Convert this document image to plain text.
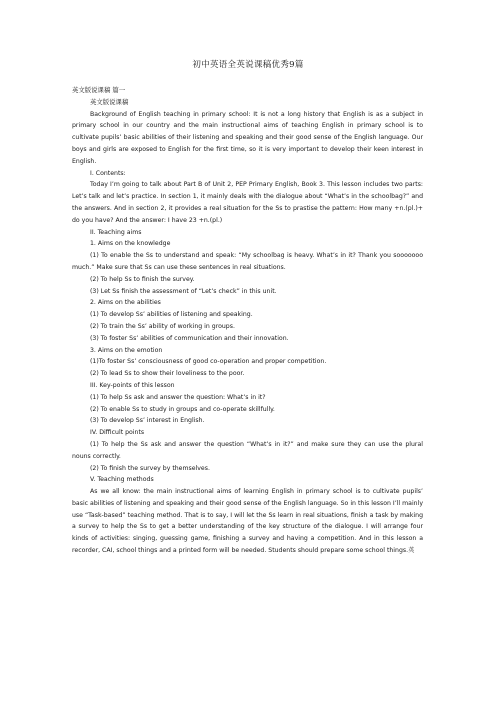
初中英语全英说课稿优秀9篇

英文版说课稿 篇一

英文版说课稿

Background of English teaching in primary school: It is not a long history that English is as a subject in primary school in our country and the main instructional aims of teaching English in primary school is to cultivate pupils’ basic abilities of their listening and speaking and their good sense of the English language. Our boys and girls are exposed to English for the first time, so it is very important to develop their keen interest in English.

I. Contents:

Today I’m going to talk about Part B of Unit 2, PEP Primary English, Book 3. This lesson includes two parts: Let’s talk and let’s practice. In section 1, it mainly deals with the dialogue about “What’s in the schoolbag?” and the answers. And in section 2, it provides a real situation for the Ss to prastise the pattern: How many +n.(pl.)+ do you have? And the answer: I have 23 +n.(pl.)

II. Teaching aims

1. Aims on the knowledge

(1) To enable the Ss to understand and speak: “My schoolbag is heavy. What’s in it? Thank you sooooooo much.” Make sure that Ss can use these sentences in real situations.

(2) To help Ss to finish the survey.

(3) Let Ss finish the assessment of “Let’s check” in this unit.

2. Aims on the abilities

(1) To develop Ss’ abilities of listening and speaking.

(2) To train the Ss’ ability of working in groups.

(3) To foster Ss’ abilities of communication and their innovation.

3. Aims on the emotion

(1)To foster Ss’ consciousness of good co-operation and proper competition.

(2) To lead Ss to show their loveliness to the poor.

III. Key-points of this lesson

(1) To help Ss ask and answer the question: What’s in it?

(2) To enable Ss to study in groups and co-operate skillfully.

(3) To develop Ss’ interest in English.

IV. Difficult points

(1) To help the Ss ask and answer the question “What’s in it?” and make sure they can use the plural nouns correctly.

(2) To finish the survey by themselves.

V. Teaching methods

As we all know: the main instructional aims of learning English in primary school is to cultivate pupils’ basic abilities of listening and speaking and their good sense of the English language. So in this lesson I’ll mainly use “Task-based” teaching method. That is to say, I will let the Ss learn in real situations, finish a task by making a survey to help the Ss to get a better understanding of the key structure of the dialogue. I will arrange four kinds of activities: singing, guessing game, finishing a survey and having a competition. And in this lesson a recorder, CAI, school things and a printed form will be needed. Students should prepare some school things.英
